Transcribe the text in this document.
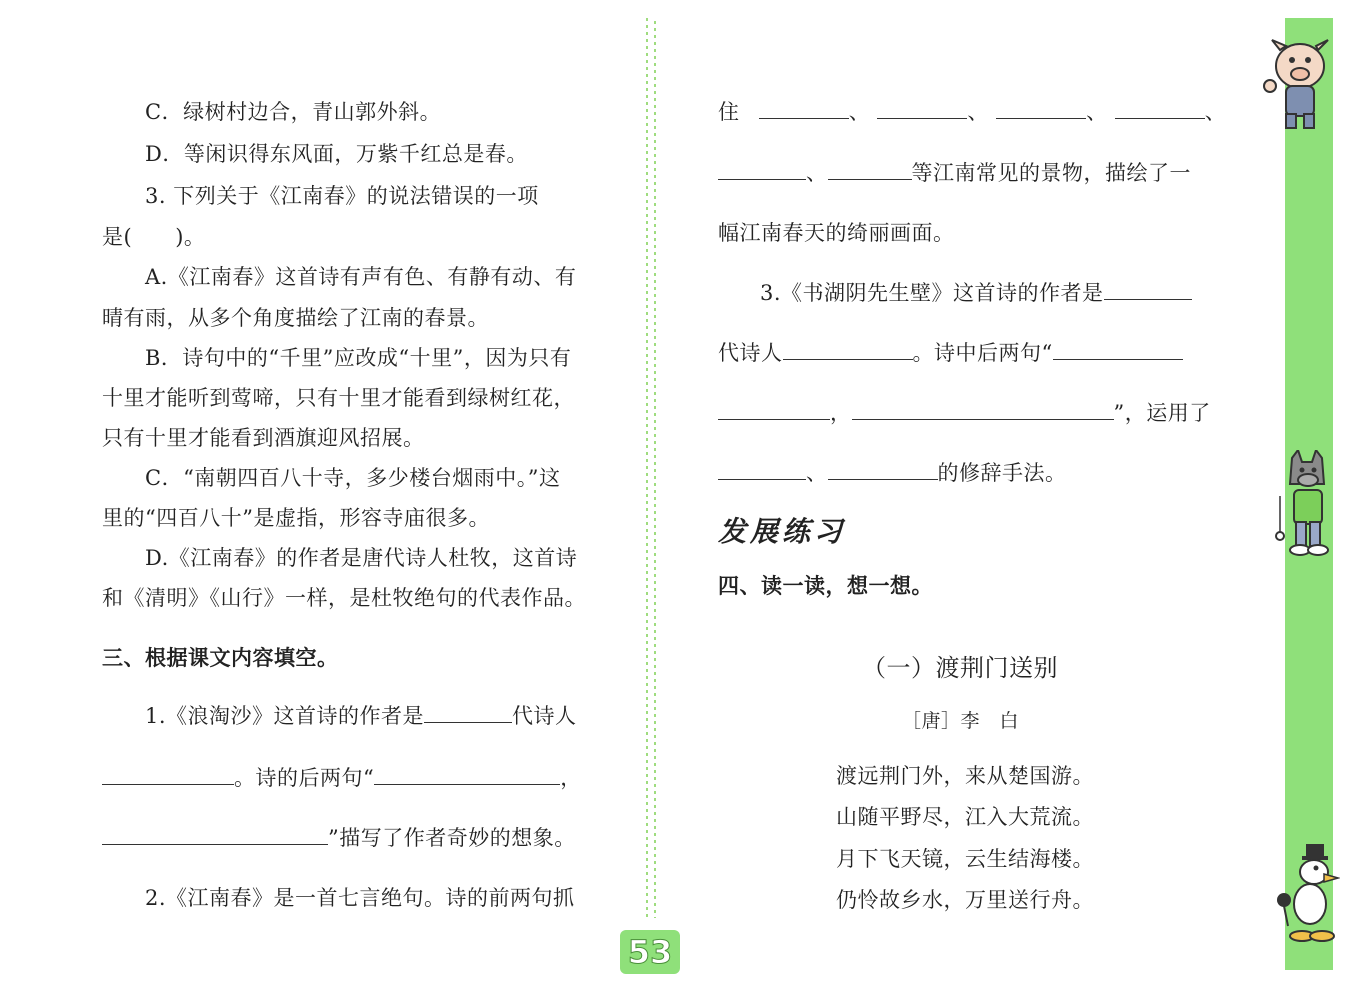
C．绿树村边合，青山郭外斜。
D．等闲识得东风面，万紫千红总是春。
3. 下列关于《江南春》的说法错误的一项
是(　　)。
A.《江南春》这首诗有声有色、有静有动、有
晴有雨，从多个角度描绘了江南的春景。
B．诗句中的“千里”应改成“十里”，因为只有
十里才能听到莺啼，只有十里才能看到绿树红花，
只有十里才能看到酒旗迎风招展。
C．“南朝四百八十寺，多少楼台烟雨中。”这
里的“四百八十”是虚指，形容寺庙很多。
D.《江南春》的作者是唐代诗人杜牧，这首诗
和《清明》《山行》一样，是杜牧绝句的代表作品。
三、根据课文内容填空。
1.《浪淘沙》这首诗的作者是	代诗人
。诗的后两句“	，
”描写了作者奇妙的想象。
2.《江南春》是一首七言绝句。诗的前两句抓
住	、	、	、	、
、	等江南常见的景物，描绘了一
幅江南春天的绮丽画面。
3.《书湖阴先生壁》这首诗的作者是
代诗人	。诗中后两句“
，	”，运用了
、	的修辞手法。
发展练习
四、读一读，想一想。
（一）渡荆门送别
［唐］李　白
渡远荆门外，来从楚国游。
山随平野尽，江入大荒流。
月下飞天镜，云生结海楼。
仍怜故乡水，万里送行舟。
53
